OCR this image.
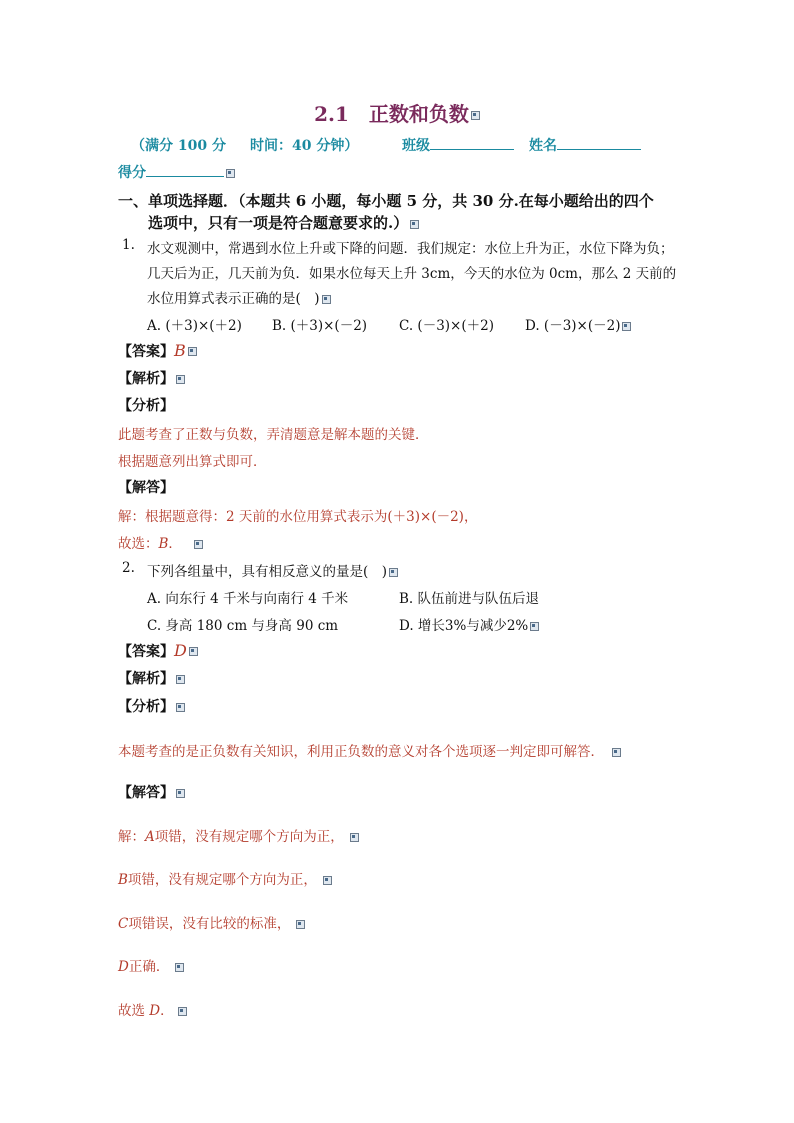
2.1　正数和负数
（满分 100 分 时间：40 分钟）	班级	姓名
得分
一、单项选择题．（本题共 6 小题，每小题 5 分，共 30 分.在每小题给出的四个
选项中，只有一项是符合题意要求的.）
1. 水文观测中，常遇到水位上升或下降的问题．我们规定：水位上升为正，水位下降为负；
几天后为正，几天前为负．如果水位每天上升 3cm，今天的水位为 0cm，那么 2 天前的
水位用算式表示正确的是(　)
A. (＋3)×(＋2) B. (＋3)×(－2) C. (－3)×(＋2) D. (－3)×(－2)
【答案】B
【解析】
【分析】
此题考查了正数与负数，弄清题意是解本题的关键．
根据题意列出算式即可．
【解答】
解：根据题意得：2 天前的水位用算式表示为(＋3)×(－2)，
故选：B．
2. 下列各组量中，具有相反意义的量是(　)
A. 向东行 4 千米与向南行 4 千米	B. 队伍前进与队伍后退
C. 身高 180 cm 与身高 90 cm	D. 增长3%与减少2%
【答案】D
【解析】
【分析】
本题考查的是正负数有关知识，利用正负数的意义对各个选项逐一判定即可解答．
【解答】
解：A项错，没有规定哪个方向为正，
B项错，没有规定哪个方向为正，
C项错误，没有比较的标准，
D正确．
故选 D．
